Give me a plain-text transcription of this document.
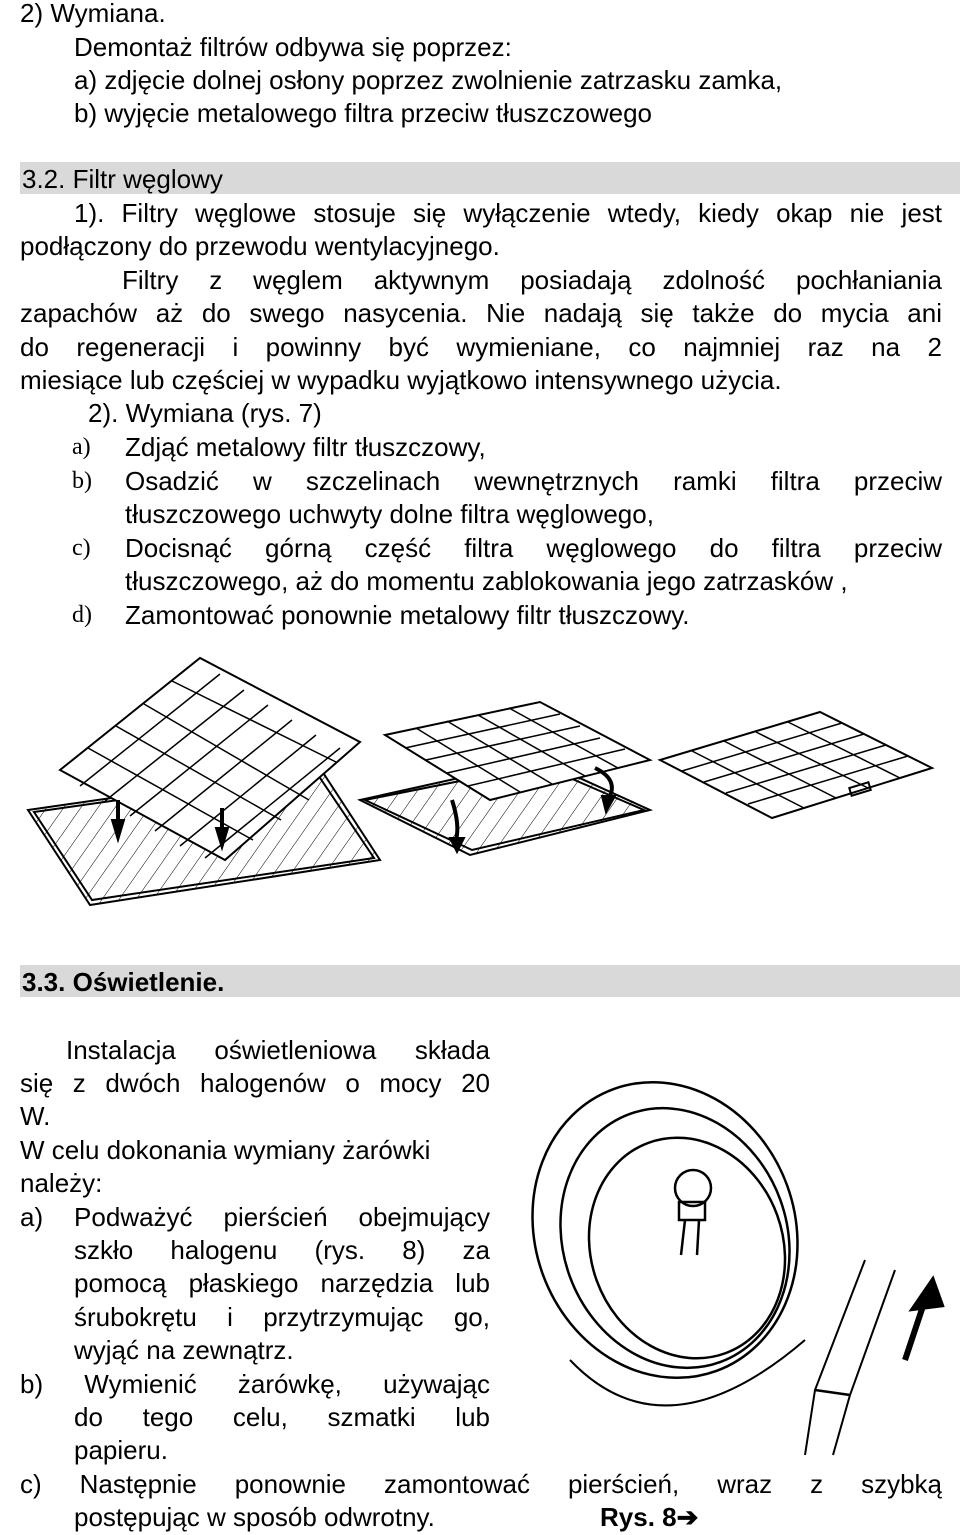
2) Wymiana.
Demontaż filtrów odbywa się poprzez:
a) zdjęcie dolnej osłony poprzez zwolnienie zatrzasku zamka,
b) wyjęcie metalowego filtra przeciw tłuszczowego
3.2. Filtr węglowy
1). Filtry węglowe stosuje się wyłączenie wtedy, kiedy okap nie jest
podłączony do przewodu wentylacyjnego.
Filtry z węglem aktywnym posiadają zdolność pochłaniania
zapachów aż do swego nasycenia. Nie nadają się także do mycia ani
do regeneracji i powinny być wymieniane, co najmniej raz na 2
miesiące lub częściej w wypadku wyjątkowo intensywnego użycia.
2). Wymiana (rys. 7)
a) Zdjąć metalowy filtr tłuszczowy,
b) Osadzić w szczelinach wewnętrznych ramki filtra przeciw
tłuszczowego uchwyty dolne filtra węglowego,
c) Docisnąć górną część filtra węglowego do filtra przeciw
tłuszczowego, aż do momentu zablokowania jego zatrzasków ,
d) Zamontować ponownie metalowy filtr tłuszczowy.
3.3. Oświetlenie.
Instalacja oświetleniowa składa
się z dwóch halogenów o mocy 20
W.
W celu dokonania wymiany żarówki
należy:
a) Podważyć pierścień obejmujący
szkło halogenu (rys. 8) za
pomocą płaskiego narzędzia lub
śrubokrętu i przytrzymując go,
wyjąć na zewnątrz.
b) Wymienić żarówkę, używając
do tego celu, szmatki lub
papieru.
c) Następnie ponownie zamontować pierścień, wraz z szybką
postępując w sposób odwrotny.	Rys. 8➔
